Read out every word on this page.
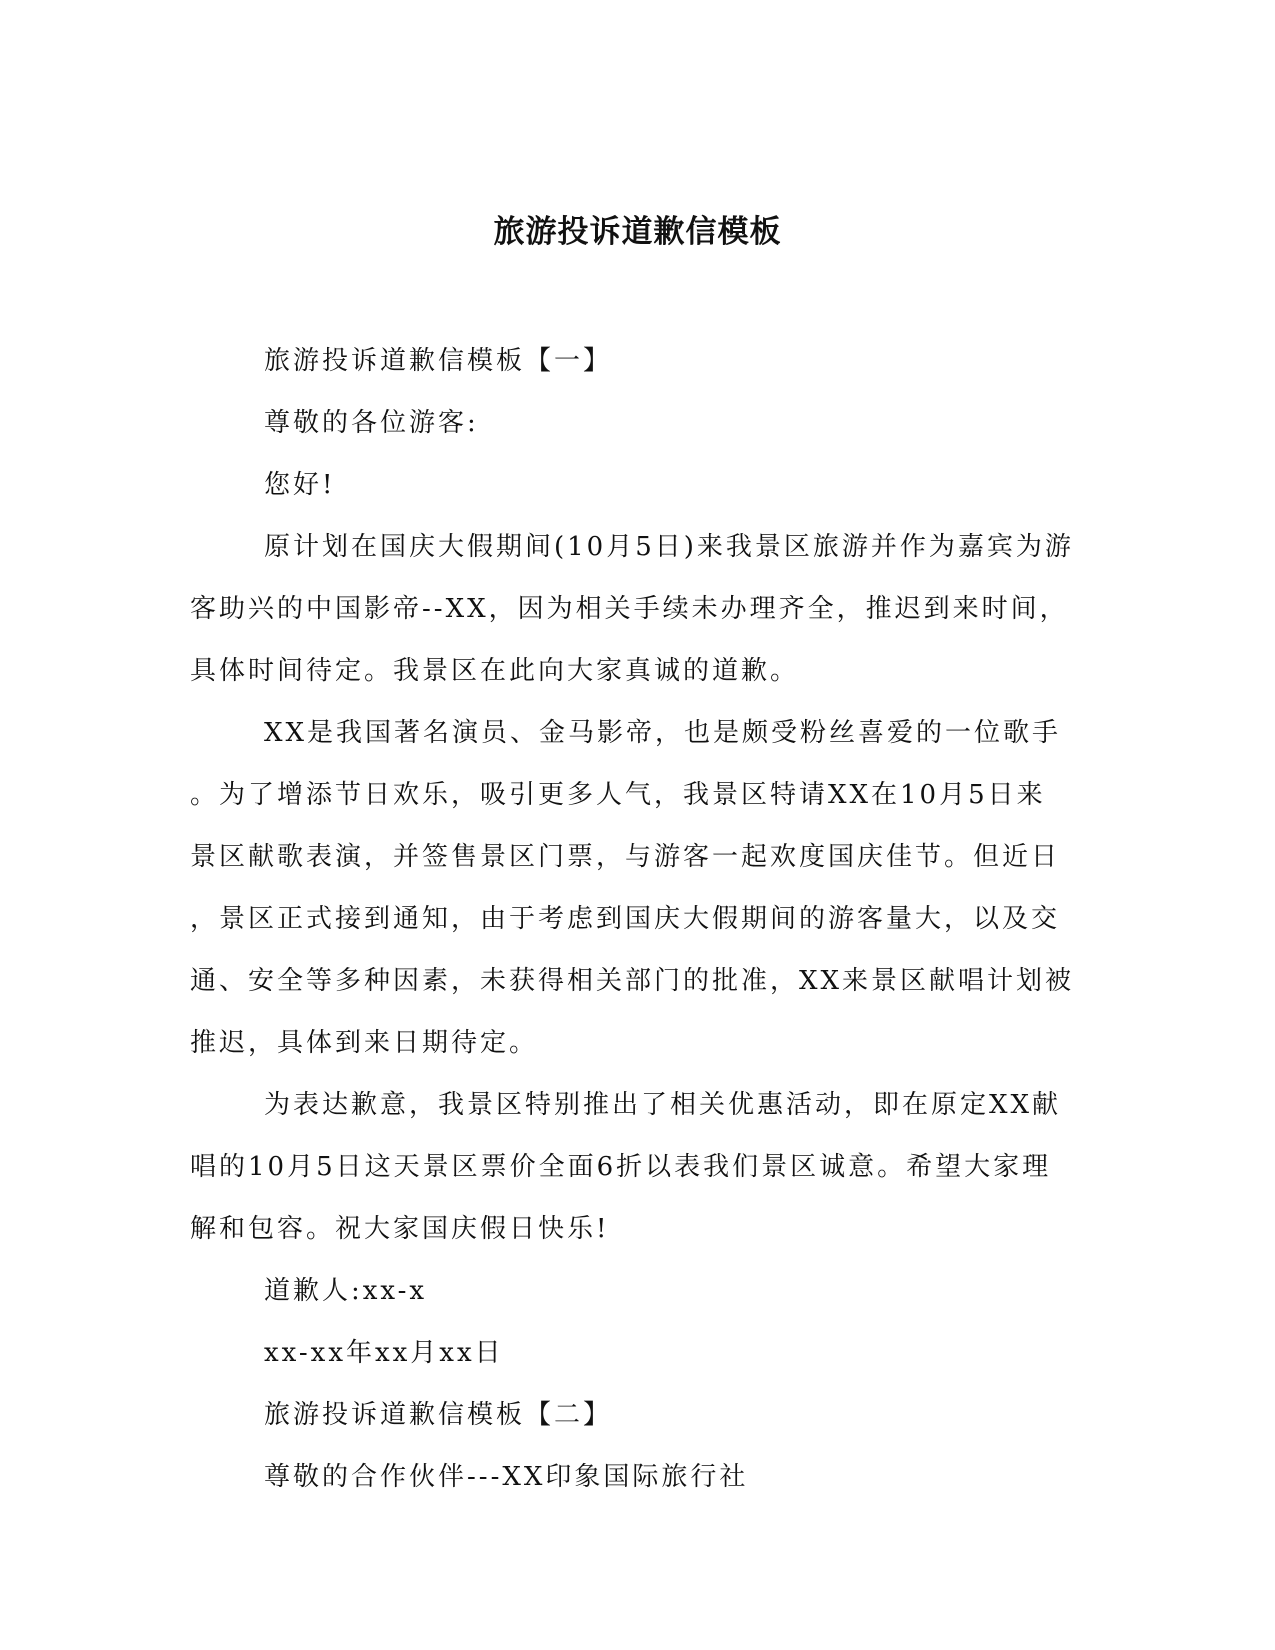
旅游投诉道歉信模板

旅游投诉道歉信模板【一】

尊敬的各位游客:

您好!

原计划在国庆大假期间(10月5日)来我景区旅游并作为嘉宾为游

客助兴的中国影帝--XX，因为相关手续未办理齐全，推迟到来时间，

具体时间待定。我景区在此向大家真诚的道歉。

XX是我国著名演员、金马影帝，也是颇受粉丝喜爱的一位歌手

。为了增添节日欢乐，吸引更多人气，我景区特请XX在10月5日来

景区献歌表演，并签售景区门票，与游客一起欢度国庆佳节。但近日

，景区正式接到通知，由于考虑到国庆大假期间的游客量大，以及交

通、安全等多种因素，未获得相关部门的批准，XX来景区献唱计划被

推迟，具体到来日期待定。

为表达歉意，我景区特别推出了相关优惠活动，即在原定XX献

唱的10月5日这天景区票价全面6折以表我们景区诚意。希望大家理

解和包容。祝大家国庆假日快乐!

道歉人:xx-x

xx-xx年xx月xx日

旅游投诉道歉信模板【二】

尊敬的合作伙伴---XX印象国际旅行社
